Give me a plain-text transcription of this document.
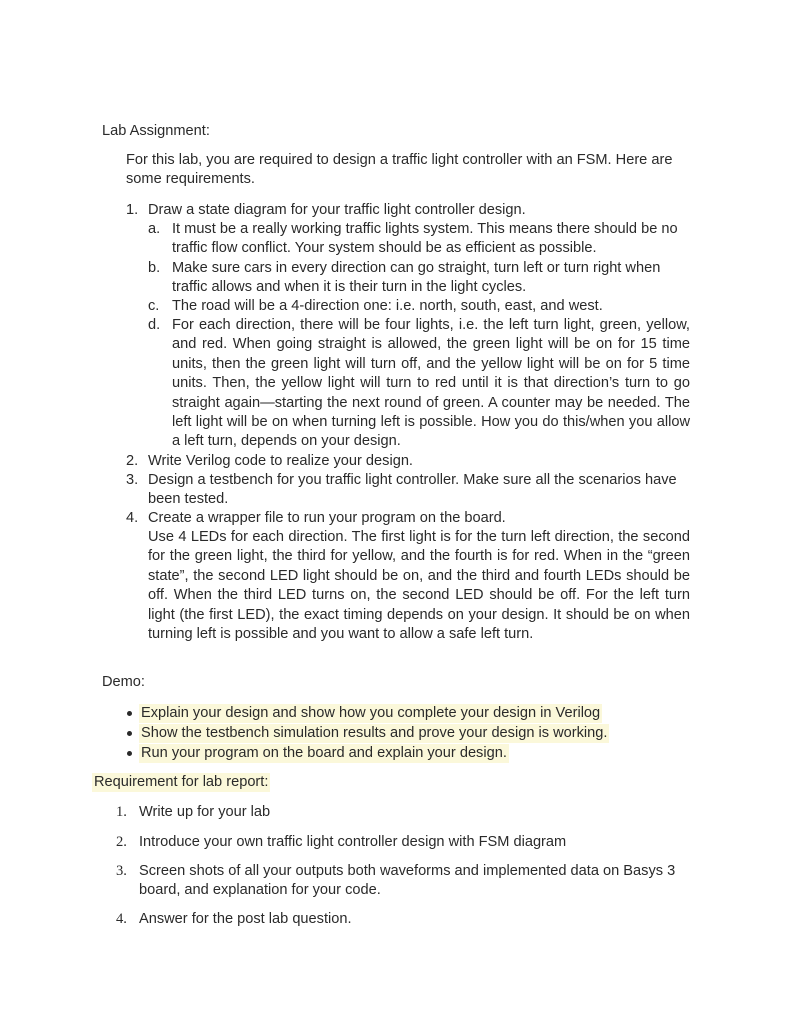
Lab Assignment:
For this lab, you are required to design a traffic light controller with an FSM. Here are some requirements.
1. Draw a state diagram for your traffic light controller design.
a. It must be a really working traffic lights system. This means there should be no traffic flow conflict. Your system should be as efficient as possible.
b. Make sure cars in every direction can go straight, turn left or turn right when traffic allows and when it is their turn in the light cycles.
c. The road will be a 4-direction one: i.e. north, south, east, and west.
d. For each direction, there will be four lights, i.e. the left turn light, green, yellow, and red. When going straight is allowed, the green light will be on for 15 time units, then the green light will turn off, and the yellow light will be on for 5 time units. Then, the yellow light will turn to red until it is that direction’s turn to go straight again—starting the next round of green. A counter may be needed. The left light will be on when turning left is possible. How you do this/when you allow a left turn, depends on your design.
2. Write Verilog code to realize your design.
3. Design a testbench for you traffic light controller. Make sure all the scenarios have been tested.
4. Create a wrapper file to run your program on the board.
Use 4 LEDs for each direction. The first light is for the turn left direction, the second for the green light, the third for yellow, and the fourth is for red. When in the “green state”, the second LED light should be on, and the third and fourth LEDs should be off. When the third LED turns on, the second LED should be off. For the left turn light (the first LED), the exact timing depends on your design. It should be on when turning left is possible and you want to allow a safe left turn.
Demo:
Explain your design and show how you complete your design in Verilog
Show the testbench simulation results and prove your design is working.
Run your program on the board and explain your design.
Requirement for lab report:
1. Write up for your lab
2. Introduce your own traffic light controller design with FSM diagram
3. Screen shots of all your outputs both waveforms and implemented data on Basys 3 board, and explanation for your code.
4. Answer for the post lab question.
